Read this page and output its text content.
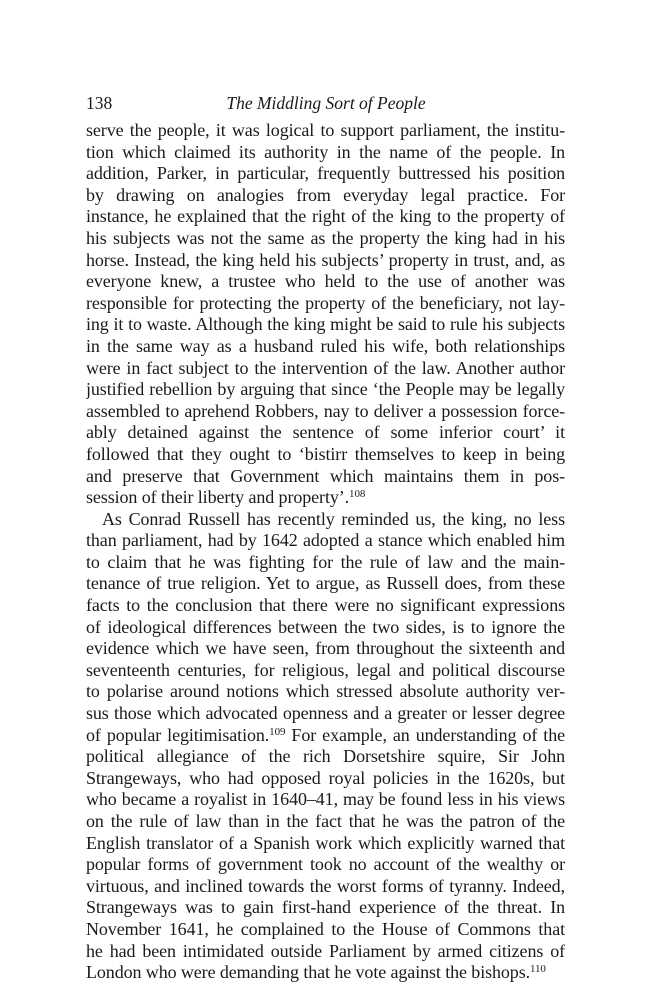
138	The Middling Sort of People
serve the people, it was logical to support parliament, the institu-
tion which claimed its authority in the name of the people. In
addition, Parker, in particular, frequently buttressed his position
by drawing on analogies from everyday legal practice. For
instance, he explained that the right of the king to the property of
his subjects was not the same as the property the king had in his
horse. Instead, the king held his subjects’ property in trust, and, as
everyone knew, a trustee who held to the use of another was
responsible for protecting the property of the beneficiary, not lay-
ing it to waste. Although the king might be said to rule his subjects
in the same way as a husband ruled his wife, both relationships
were in fact subject to the intervention of the law. Another author
justified rebellion by arguing that since ‘the People may be legally
assembled to aprehend Robbers, nay to deliver a possession force-
ably detained against the sentence of some inferior court’ it
followed that they ought to ‘bistirr themselves to keep in being
and preserve that Government which maintains them in pos-
session of their liberty and property’.$^{108}$
As Conrad Russell has recently reminded us, the king, no less
than parliament, had by 1642 adopted a stance which enabled him
to claim that he was fighting for the rule of law and the main-
tenance of true religion. Yet to argue, as Russell does, from these
facts to the conclusion that there were no significant expressions
of ideological differences between the two sides, is to ignore the
evidence which we have seen, from throughout the sixteenth and
seventeenth centuries, for religious, legal and political discourse
to polarise around notions which stressed absolute authority ver-
sus those which advocated openness and a greater or lesser degree
of popular legitimisation.$^{109}$ For example, an understanding of the
political allegiance of the rich Dorsetshire squire, Sir John
Strangeways, who had opposed royal policies in the 1620s, but
who became a royalist in 1640–41, may be found less in his views
on the rule of law than in the fact that he was the patron of the
English translator of a Spanish work which explicitly warned that
popular forms of government took no account of the wealthy or
virtuous, and inclined towards the worst forms of tyranny. Indeed,
Strangeways was to gain first-hand experience of the threat. In
November 1641, he complained to the House of Commons that
he had been intimidated outside Parliament by armed citizens of
London who were demanding that he vote against the bishops.$^{110}$
